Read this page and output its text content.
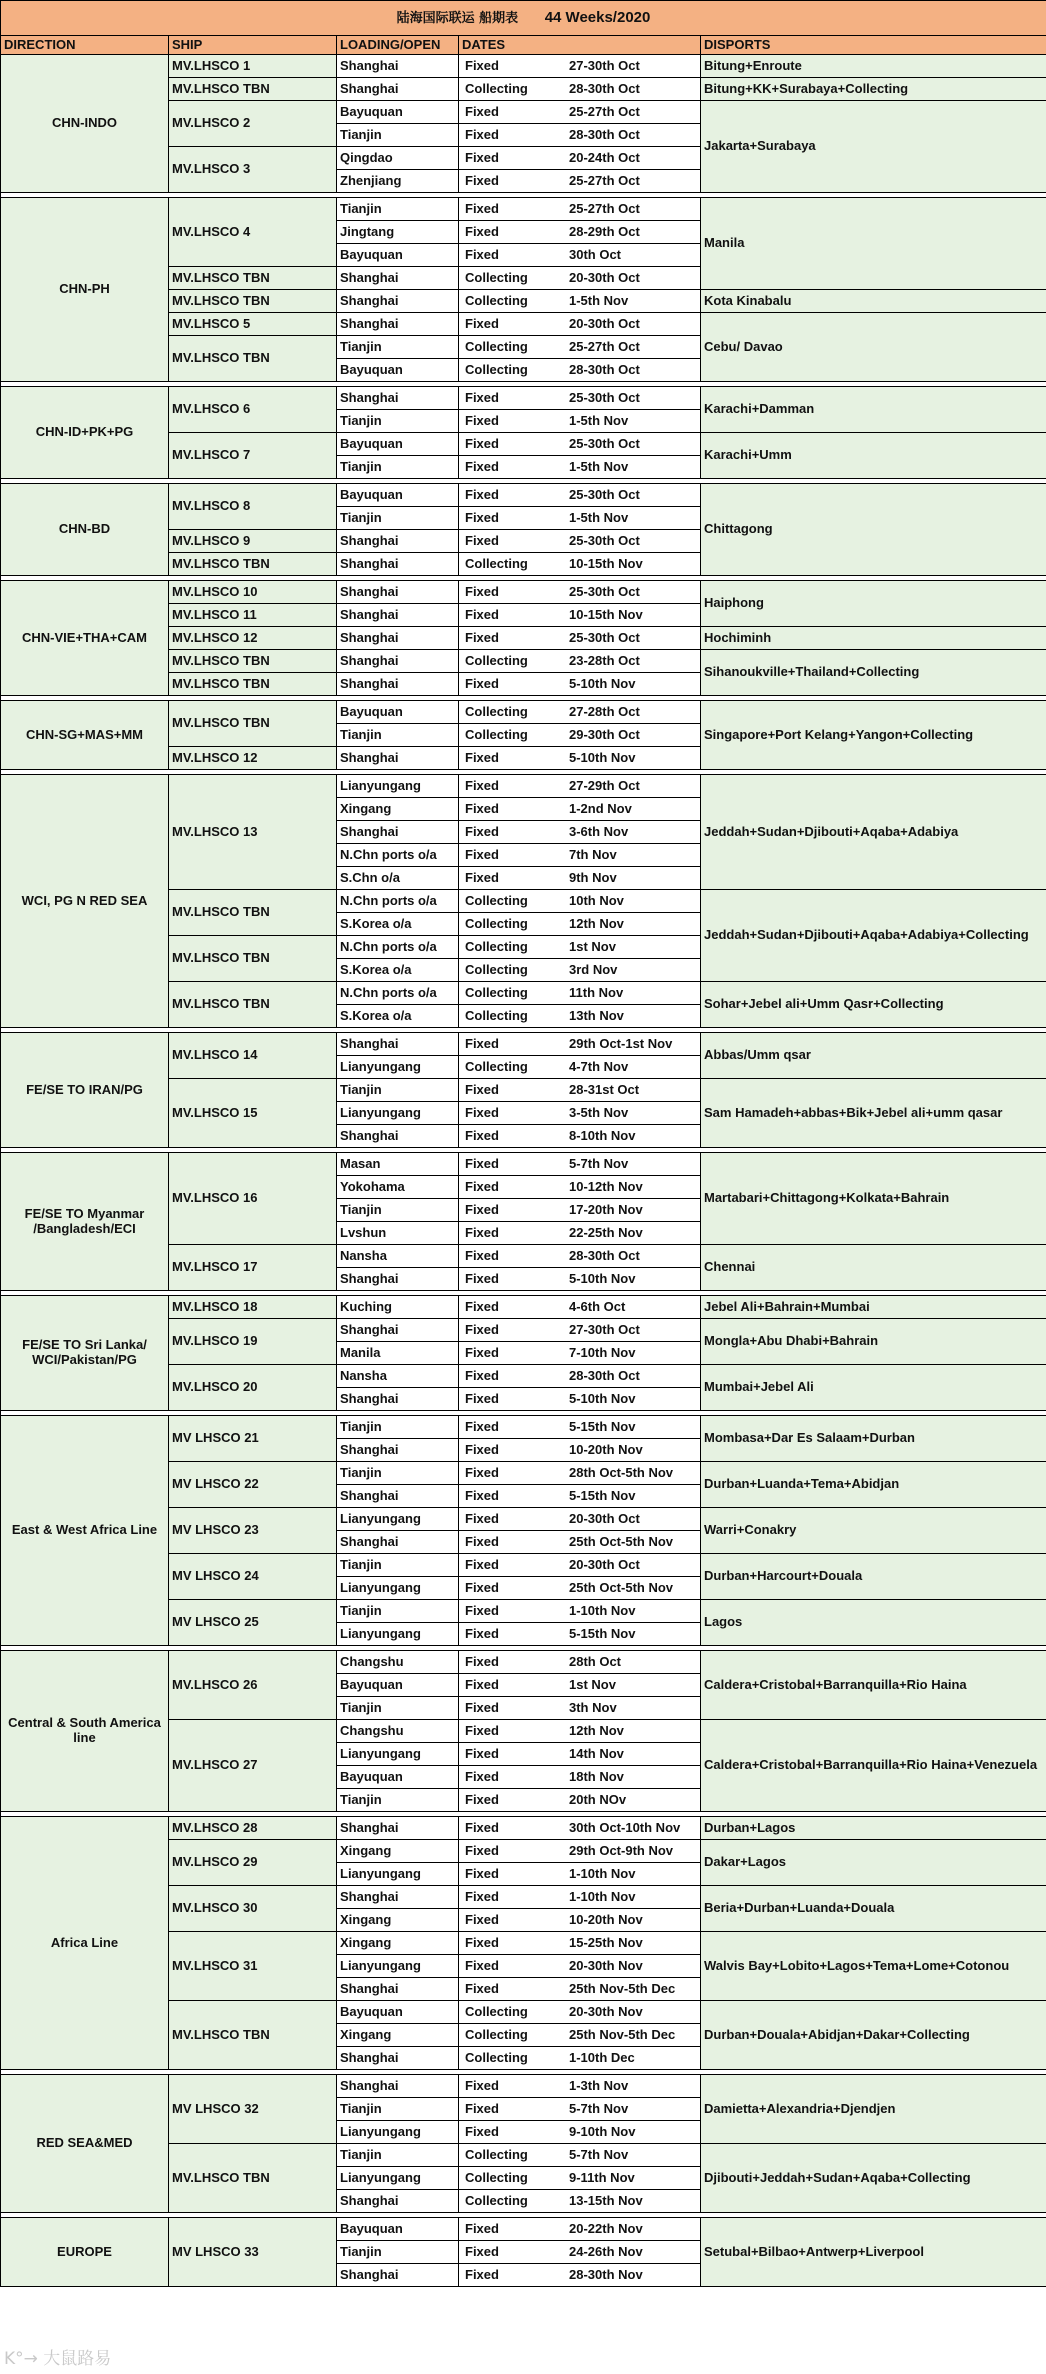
陆海国际联运 船期表 44 Weeks/2020				
DIRECTION	SHIP	LOADING/OPEN	DATES	DISPORTS
CHN-INDO	MV.LHSCO 1	Shanghai	Fixed 27-30th Oct	Bitung+Enroute
	MV.LHSCO TBN	Shanghai	Collecting 28-30th Oct	Bitung+KK+Surabaya+Collecting
	MV.LHSCO 2	Bayuquan	Fixed 25-27th Oct	Jakarta+Surabaya
		Tianjin	Fixed 28-30th Oct	
	MV.LHSCO 3	Qingdao	Fixed 20-24th Oct	
		Zhenjiang	Fixed 25-27th Oct	

CHN-PH	MV.LHSCO 4	Tianjin	Fixed 25-27th Oct	Manila
		Jingtang	Fixed 28-29th Oct	
		Bayuquan	Fixed 30th Oct	
	MV.LHSCO TBN	Shanghai	Collecting 20-30th Oct	
	MV.LHSCO TBN	Shanghai	Collecting 1-5th Nov	Kota Kinabalu
	MV.LHSCO 5	Shanghai	Fixed 20-30th Oct	Cebu/ Davao
	MV.LHSCO TBN	Tianjin	Collecting 25-27th Oct	
		Bayuquan	Collecting 28-30th Oct	

CHN-ID+PK+PG	MV.LHSCO 6	Shanghai	Fixed 25-30th Oct	Karachi+Damman
		Tianjin	Fixed 1-5th Nov	
	MV.LHSCO 7	Bayuquan	Fixed 25-30th Oct	Karachi+Umm
		Tianjin	Fixed 1-5th Nov	

CHN-BD	MV.LHSCO 8	Bayuquan	Fixed 25-30th Oct	Chittagong
		Tianjin	Fixed 1-5th Nov	
	MV.LHSCO 9	Shanghai	Fixed 25-30th Oct	
	MV.LHSCO TBN	Shanghai	Collecting 10-15th Nov	

CHN-VIE+THA+CAM	MV.LHSCO 10	Shanghai	Fixed 25-30th Oct	Haiphong
	MV.LHSCO 11	Shanghai	Fixed 10-15th Nov	
	MV.LHSCO 12	Shanghai	Fixed 25-30th Oct	Hochiminh
	MV.LHSCO TBN	Shanghai	Collecting 23-28th Oct	Sihanoukville+Thailand+Collecting
	MV.LHSCO TBN	Shanghai	Fixed 5-10th Nov	

CHN-SG+MAS+MM	MV.LHSCO TBN	Bayuquan	Collecting 27-28th Oct	Singapore+Port Kelang+Yangon+Collecting
		Tianjin	Collecting 29-30th Oct	
	MV.LHSCO 12	Shanghai	Fixed 5-10th Nov	

WCI, PG N RED SEA	MV.LHSCO 13	Lianyungang	Fixed 27-29th Oct	Jeddah+Sudan+Djibouti+Aqaba+Adabiya
		Xingang	Fixed 1-2nd Nov	
		Shanghai	Fixed 3-6th Nov	
		N.Chn ports o/a	Fixed 7th Nov	
		S.Chn o/a	Fixed 9th Nov	
	MV.LHSCO TBN	N.Chn ports o/a	Collecting 10th Nov	Jeddah+Sudan+Djibouti+Aqaba+Adabiya+Collecting
		S.Korea o/a	Collecting 12th Nov	
	MV.LHSCO TBN	N.Chn ports o/a	Collecting 1st Nov	
		S.Korea o/a	Collecting 3rd Nov	
	MV.LHSCO TBN	N.Chn ports o/a	Collecting 11th Nov	Sohar+Jebel ali+Umm Qasr+Collecting
		S.Korea o/a	Collecting 13th Nov	

FE/SE TO IRAN/PG	MV.LHSCO 14	Shanghai	Fixed 29th Oct-1st Nov	Abbas/Umm qsar
		Lianyungang	Collecting 4-7th Nov	
	MV.LHSCO 15	Tianjin	Fixed 28-31st Oct	Sam Hamadeh+abbas+Bik+Jebel ali+umm qasar
		Lianyungang	Fixed 3-5th Nov	
		Shanghai	Fixed 8-10th Nov	

FE/SE TO Myanmar /Bangladesh/ECI	MV.LHSCO 16	Masan	Fixed 5-7th Nov	Martabari+Chittagong+Kolkata+Bahrain
		Yokohama	Fixed 10-12th Nov	
		Tianjin	Fixed 17-20th Nov	
		Lvshun	Fixed 22-25th Nov	
	MV.LHSCO 17	Nansha	Fixed 28-30th Oct	Chennai
		Shanghai	Fixed 5-10th Nov	

FE/SE TO Sri Lanka/ WCI/Pakistan/PG	MV.LHSCO 18	Kuching	Fixed 4-6th Oct	Jebel Ali+Bahrain+Mumbai
	MV.LHSCO 19	Shanghai	Fixed 27-30th Oct	Mongla+Abu Dhabi+Bahrain
		Manila	Fixed 7-10th Nov	
	MV.LHSCO 20	Nansha	Fixed 28-30th Oct	Mumbai+Jebel Ali
		Shanghai	Fixed 5-10th Nov	

East & West Africa Line	MV LHSCO 21	Tianjin	Fixed 5-15th Nov	Mombasa+Dar Es Salaam+Durban
		Shanghai	Fixed 10-20th Nov	
	MV LHSCO 22	Tianjin	Fixed 28th Oct-5th Nov	Durban+Luanda+Tema+Abidjan
		Shanghai	Fixed 5-15th Nov	
	MV LHSCO 23	Lianyungang	Fixed 20-30th Oct	Warri+Conakry
		Shanghai	Fixed 25th Oct-5th Nov	
	MV LHSCO 24	Tianjin	Fixed 20-30th Oct	Durban+Harcourt+Douala
		Lianyungang	Fixed 25th Oct-5th Nov	
	MV LHSCO 25	Tianjin	Fixed 1-10th Nov	Lagos
		Lianyungang	Fixed 5-15th Nov	

Central & South America line	MV.LHSCO 26	Changshu	Fixed 28th Oct	Caldera+Cristobal+Barranquilla+Rio Haina
		Bayuquan	Fixed 1st Nov	
		Tianjin	Fixed 3th Nov	
	MV.LHSCO 27	Changshu	Fixed 12th Nov	Caldera+Cristobal+Barranquilla+Rio Haina+Venezuela
		Lianyungang	Fixed 14th Nov	
		Bayuquan	Fixed 18th Nov	
		Tianjin	Fixed 20th NOv	

Africa Line	MV.LHSCO 28	Shanghai	Fixed 30th Oct-10th Nov	Durban+Lagos
	MV.LHSCO 29	Xingang	Fixed 29th Oct-9th Nov	Dakar+Lagos
		Lianyungang	Fixed 1-10th Nov	
	MV.LHSCO 30	Shanghai	Fixed 1-10th Nov	Beria+Durban+Luanda+Douala
		Xingang	Fixed 10-20th Nov	
	MV.LHSCO 31	Xingang	Fixed 15-25th Nov	Walvis Bay+Lobito+Lagos+Tema+Lome+Cotonou
		Lianyungang	Fixed 20-30th Nov	
		Shanghai	Fixed 25th Nov-5th Dec	
	MV.LHSCO TBN	Bayuquan	Collecting 20-30th Nov	Durban+Douala+Abidjan+Dakar+Collecting
		Xingang	Collecting 25th Nov-5th Dec	
		Shanghai	Collecting 1-10th Dec	

RED SEA&MED	MV LHSCO 32	Shanghai	Fixed 1-3th Nov	Damietta+Alexandria+Djendjen
		Tianjin	Fixed 5-7th Nov	
		Lianyungang	Fixed 9-10th Nov	
	MV.LHSCO TBN	Tianjin	Collecting 5-7th Nov	Djibouti+Jeddah+Sudan+Aqaba+Collecting
		Lianyungang	Collecting 9-11th Nov	
		Shanghai	Collecting 13-15th Nov	

EUROPE	MV LHSCO 33	Bayuquan	Fixed 20-22th Nov	Setubal+Bilbao+Antwerp+Liverpool
		Tianjin	Fixed 24-26th Nov	
		Shanghai	Fixed 28-30th Nov	
K°→ 大鼠路易
